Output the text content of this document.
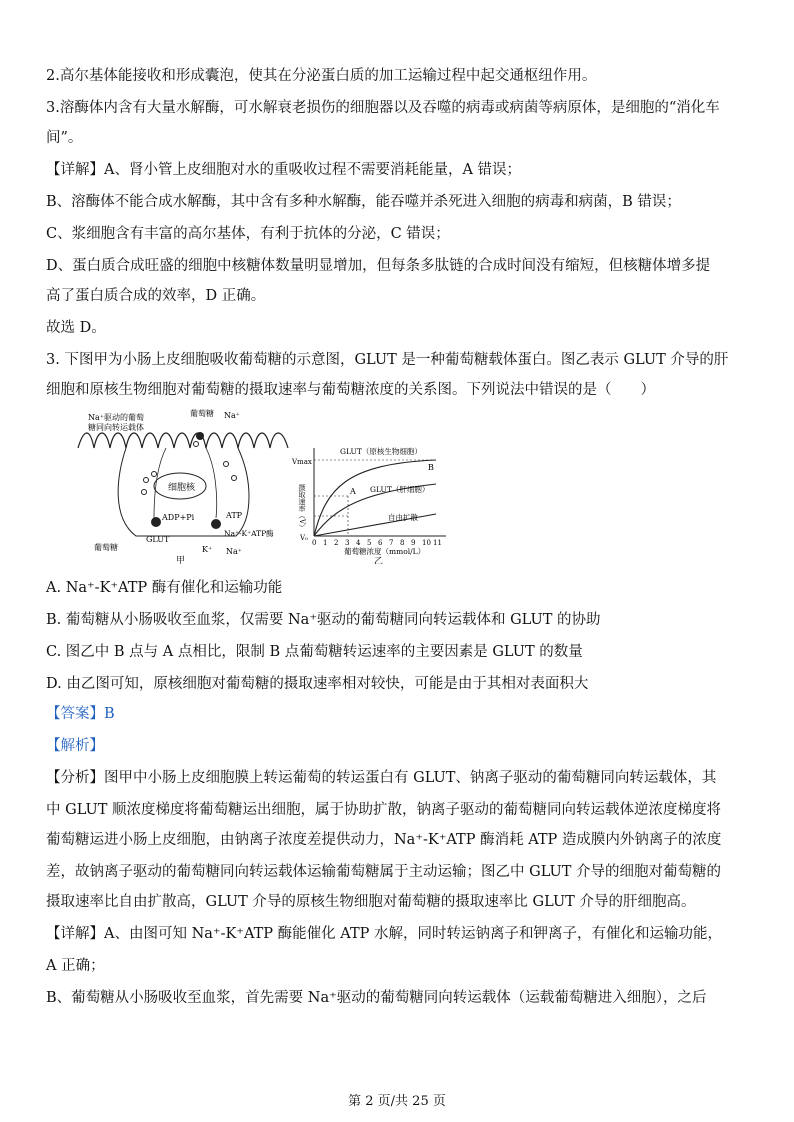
2.高尔基体能接收和形成囊泡，使其在分泌蛋白质的加工运输过程中起交通枢纽作用。
3.溶酶体内含有大量水解酶，可水解衰老损伤的细胞器以及吞噬的病毒或病菌等病原体，是细胞的“消化车
间”。
【详解】A、肾小管上皮细胞对水的重吸收过程不需要消耗能量，A 错误；
B、溶酶体不能合成水解酶，其中含有多种水解酶，能吞噬并杀死进入细胞的病毒和病菌，B 错误；
C、浆细胞含有丰富的高尔基体，有利于抗体的分泌，C 错误；
D、蛋白质合成旺盛的细胞中核糖体数量明显增加，但每条多肽链的合成时间没有缩短，但核糖体增多提
高了蛋白质合成的效率，D 正确。
故选 D。
3. 下图甲为小肠上皮细胞吸收葡萄糖的示意图，GLUT 是一种葡萄糖载体蛋白。图乙表示 GLUT 介导的肝
细胞和原核生物细胞对葡萄糖的摄取速率与葡萄糖浓度的关系图。下列说法中错误的是（　　）
细胞核
葡萄糖 Na⁺
Na⁺驱动的葡萄
糖同向转运载体
ADP+Pi	ATP
Na⁺-K⁺ATP酶
GLUT
葡萄糖	K⁺ Na⁺
甲
Vmax
V₀
摄取速率（V）
GLUT（原核生物细胞）
GLUT（肝细胞）
自由扩散
A
B
0 1 2 3 4 5 6 7 8 9 10 11
葡萄糖浓度（mmol/L）
乙
A. Na⁺-K⁺ATP 酶有催化和运输功能
B. 葡萄糖从小肠吸收至血浆，仅需要 Na⁺驱动的葡萄糖同向转运载体和 GLUT 的协助
C. 图乙中 B 点与 A 点相比，限制 B 点葡萄糖转运速率的主要因素是 GLUT 的数量
D. 由乙图可知，原核细胞对葡萄糖的摄取速率相对较快，可能是由于其相对表面积大
【答案】B
【解析】
【分析】图甲中小肠上皮细胞膜上转运葡萄的转运蛋白有 GLUT、钠离子驱动的葡萄糖同向转运载体，其
中 GLUT 顺浓度梯度将葡萄糖运出细胞，属于协助扩散，钠离子驱动的葡萄糖同向转运载体逆浓度梯度将
葡萄糖运进小肠上皮细胞，由钠离子浓度差提供动力，Na⁺-K⁺ATP 酶消耗 ATP 造成膜内外钠离子的浓度
差，故钠离子驱动的葡萄糖同向转运载体运输葡萄糖属于主动运输；图乙中 GLUT 介导的细胞对葡萄糖的
摄取速率比自由扩散高，GLUT 介导的原核生物细胞对葡萄糖的摄取速率比 GLUT 介导的肝细胞高。
【详解】A、由图可知 Na⁺-K⁺ATP 酶能催化 ATP 水解，同时转运钠离子和钾离子，有催化和运输功能，
A 正确；
B、葡萄糖从小肠吸收至血浆，首先需要 Na⁺驱动的葡萄糖同向转运载体（运载葡萄糖进入细胞），之后
第 2 页/共 25 页
